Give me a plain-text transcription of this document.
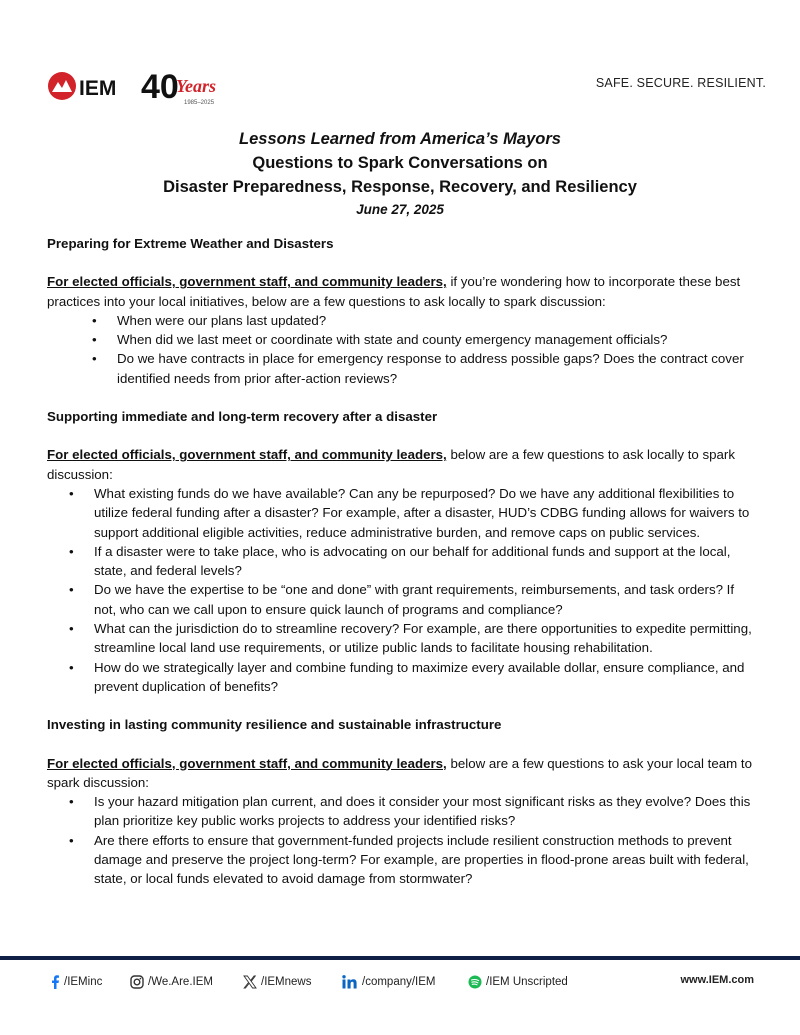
IEM 40
Years
1985–2025
SAFE. SECURE. RESILIENT.
Lessons Learned from America’s Mayors
Questions to Spark Conversations on
Disaster Preparedness, Response, Recovery, and Resiliency
June 27, 2025
Preparing for Extreme Weather and Disasters
For elected officials, government staff, and community leaders, if you’re wondering how to incorporate these best practices into your local initiatives, below are a few questions to ask locally to spark discussion:
• When were our plans last updated?
• When did we last meet or coordinate with state and county emergency management officials?
• Do we have contracts in place for emergency response to address possible gaps? Does the contract cover identified needs from prior after-action reviews?
Supporting immediate and long-term recovery after a disaster
For elected officials, government staff, and community leaders, below are a few questions to ask locally to spark discussion:
• What existing funds do we have available? Can any be repurposed? Do we have any additional flexibilities to utilize federal funding after a disaster? For example, after a disaster, HUD’s CDBG funding allows for waivers to support additional eligible activities, reduce administrative burden, and remove caps on public services.
• If a disaster were to take place, who is advocating on our behalf for additional funds and support at the local, state, and federal levels?
• Do we have the expertise to be “one and done” with grant requirements, reimbursements, and task orders? If not, who can we call upon to ensure quick launch of programs and compliance?
• What can the jurisdiction do to streamline recovery? For example, are there opportunities to expedite permitting, streamline local land use requirements, or utilize public lands to facilitate housing rehabilitation.
• How do we strategically layer and combine funding to maximize every available dollar, ensure compliance, and prevent duplication of benefits?
Investing in lasting community resilience and sustainable infrastructure
For elected officials, government staff, and community leaders, below are a few questions to ask your local team to spark discussion:
• Is your hazard mitigation plan current, and does it consider your most significant risks as they evolve? Does this plan prioritize key public works projects to address your identified risks?
• Are there efforts to ensure that government-funded projects include resilient construction methods to prevent damage and preserve the project long-term? For example, are properties in flood-prone areas built with federal, state, or local funds elevated to avoid damage from stormwater?
/IEMinc	/We.Are.IEM	/IEMnews	/company/IEM	/IEM Unscripted	www.IEM.com
